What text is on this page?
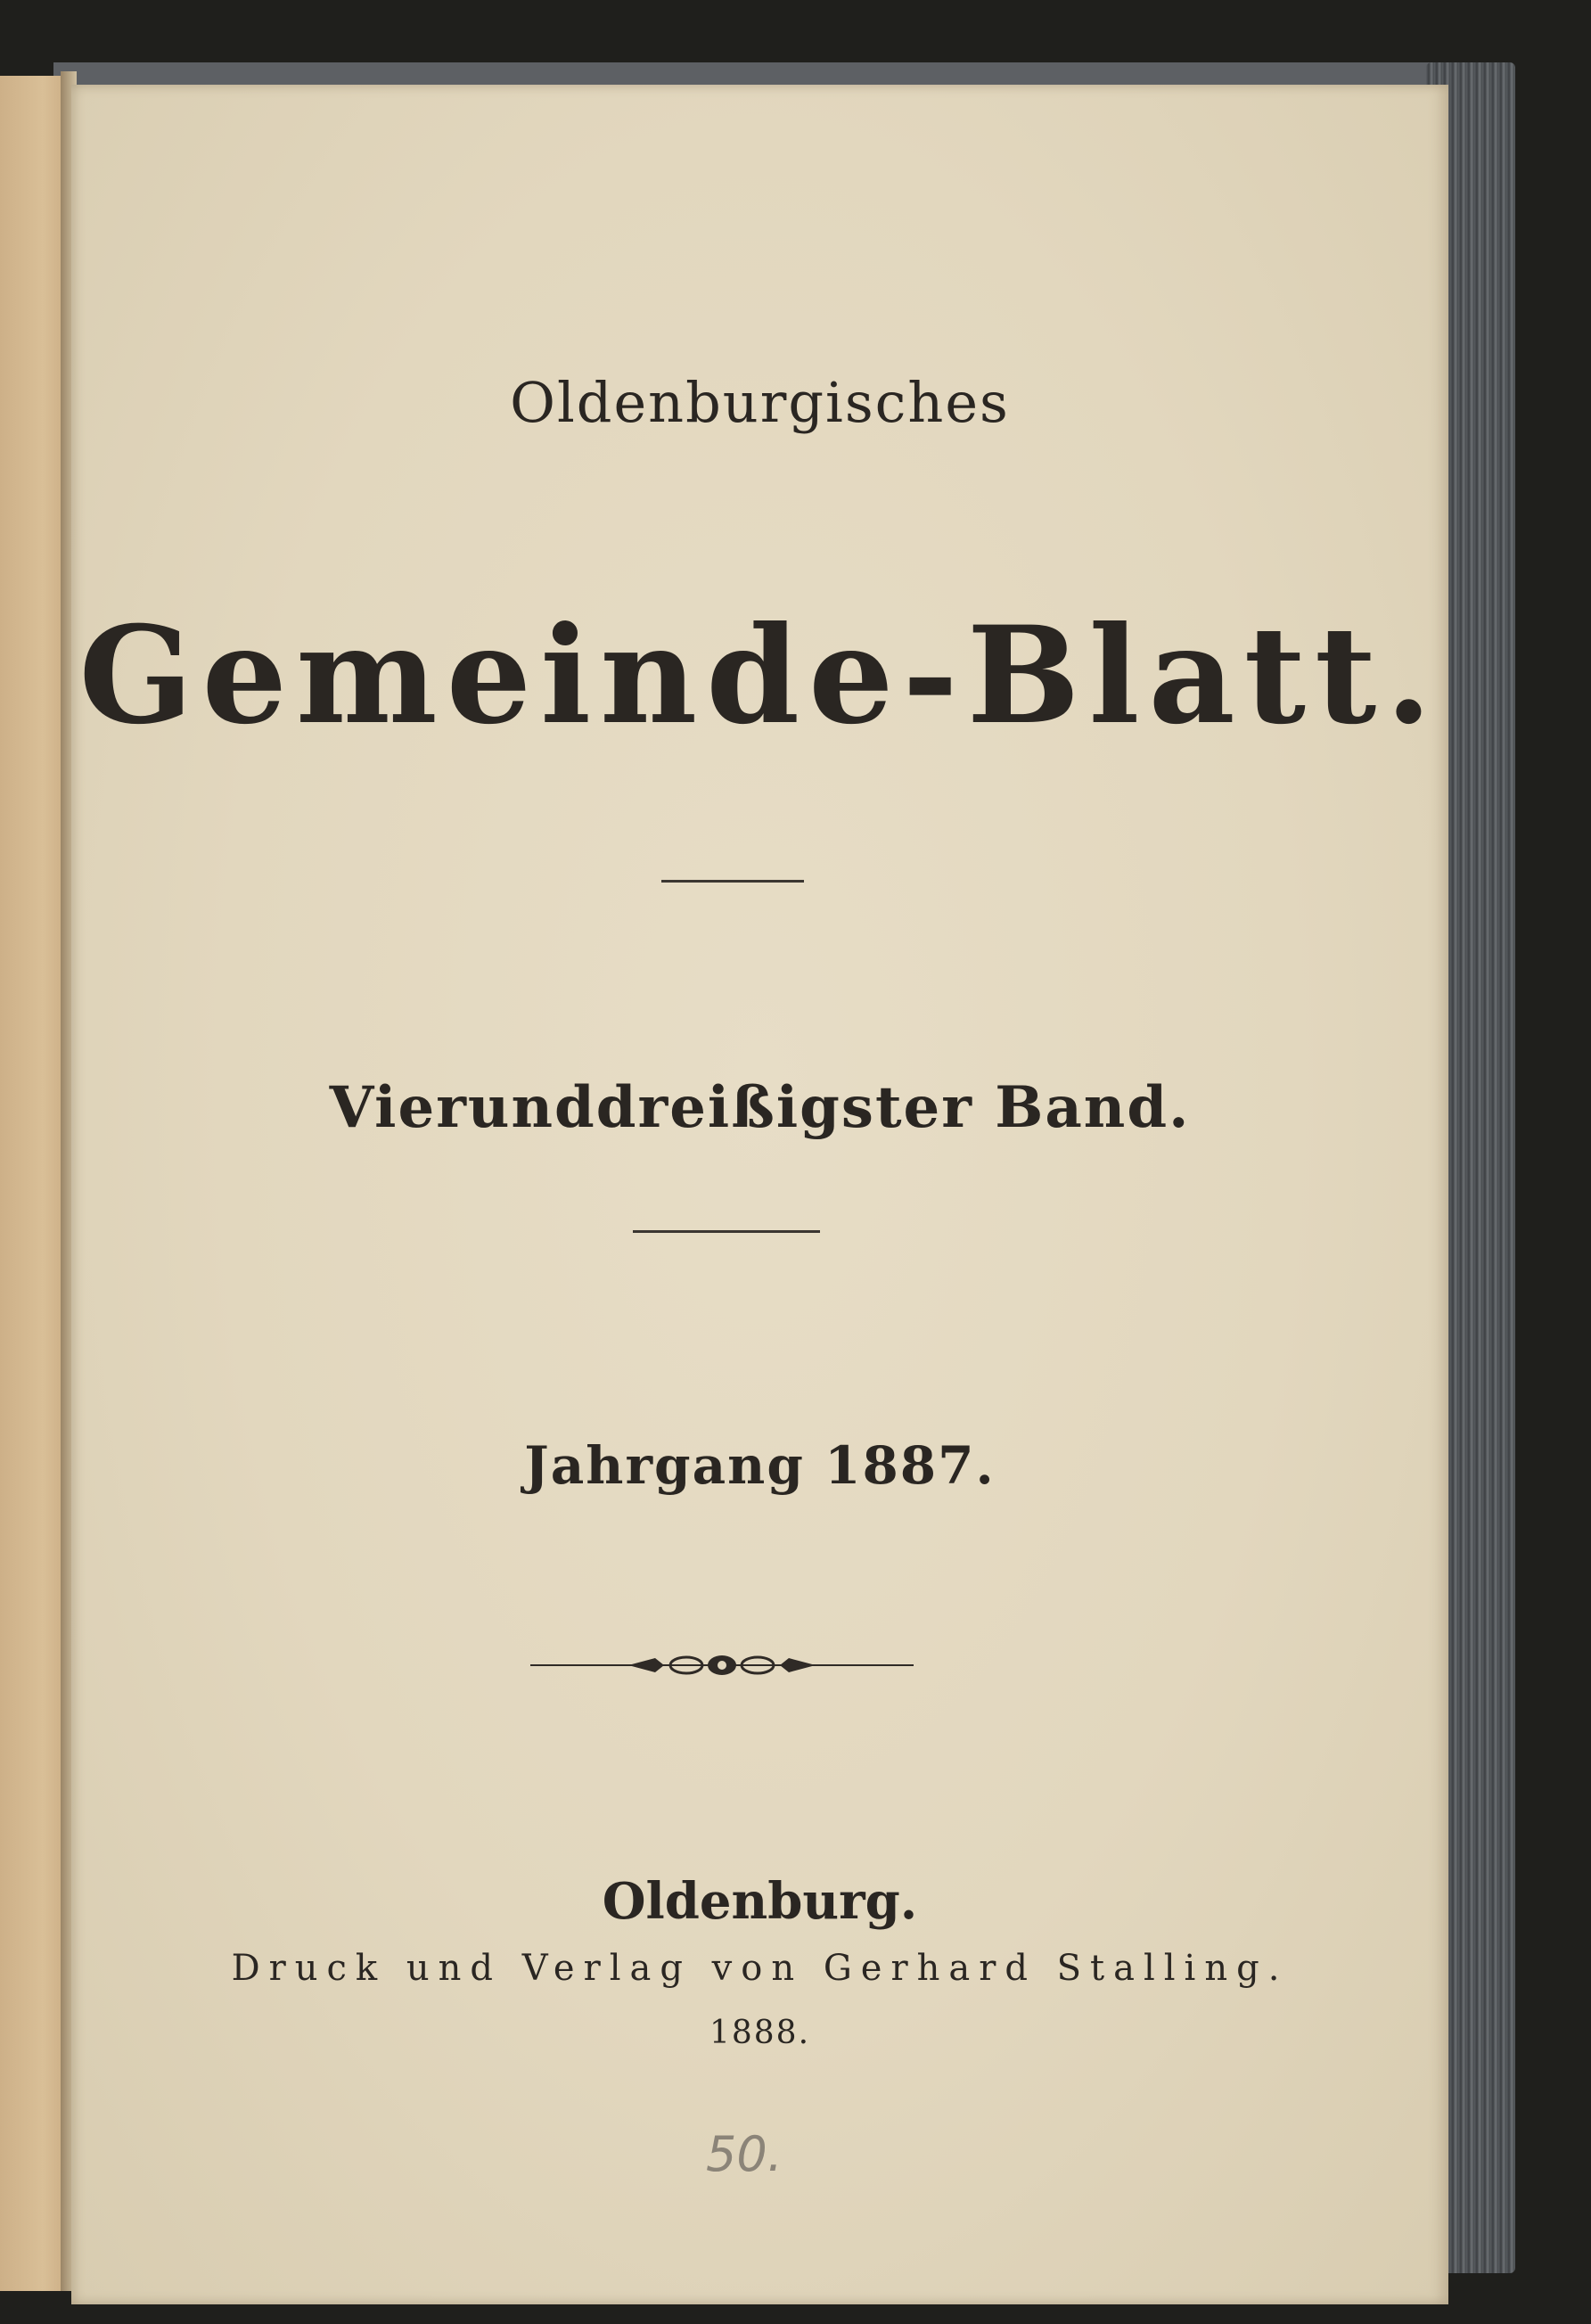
Oldenburgisches
Gemeinde-Blatt.
Vierunddreißigster Band.
Jahrgang 1887.
Oldenburg.
Druck und Verlag von Gerhard Stalling.
1888.
50.
